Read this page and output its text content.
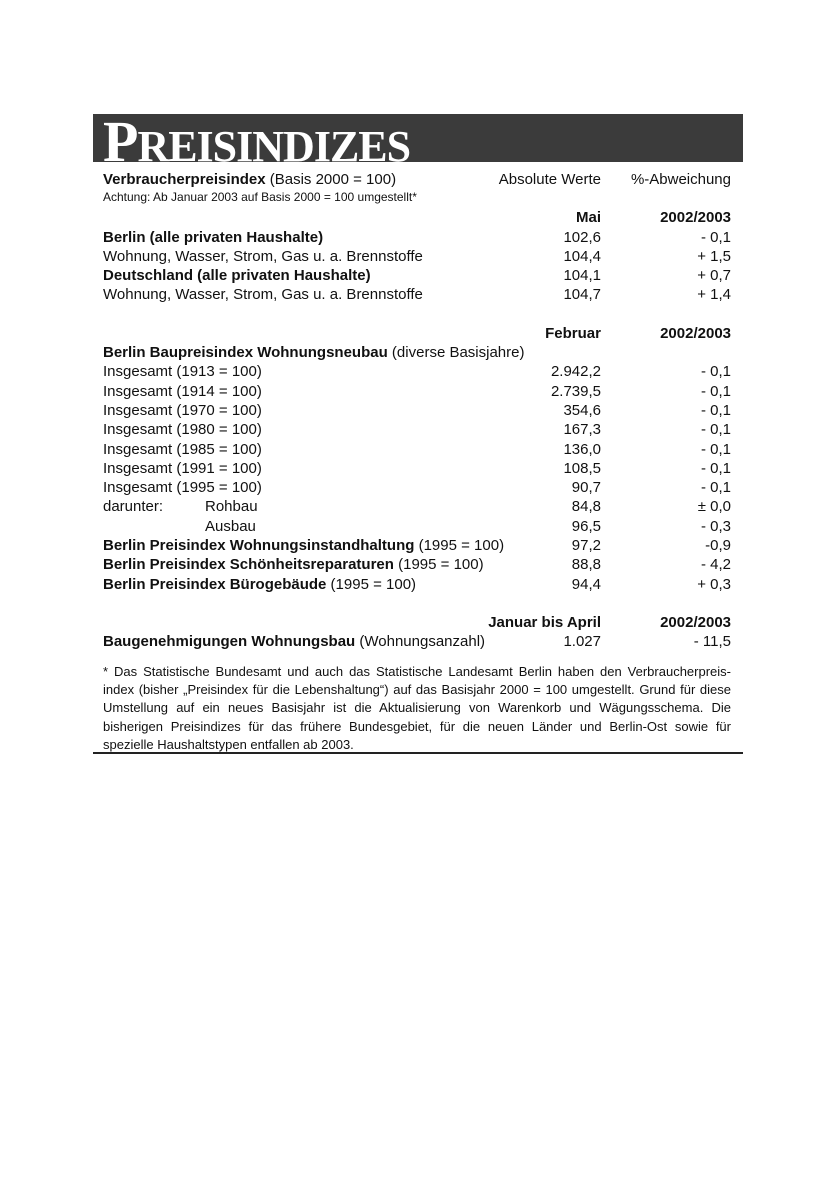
PREISINDIZES
Verbraucherpreisindex (Basis 2000 = 100)	Absolute Werte %-Abweichung
Achtung: Ab Januar 2003 auf Basis 2000 = 100 umgestellt*
Mai	2002/2003
Berlin (alle privaten Haushalte)	102,6	- 0,1
Wohnung, Wasser, Strom, Gas u. a. Brennstoffe	104,4	+ 1,5
Deutschland (alle privaten Haushalte)	104,1	+ 0,7
Wohnung, Wasser, Strom, Gas u. a. Brennstoffe	104,7	+ 1,4
Februar	2002/2003
Berlin Baupreisindex Wohnungsneubau (diverse Basisjahre)
Insgesamt (1913 = 100)	2.942,2	- 0,1
Insgesamt (1914 = 100)	2.739,5	- 0,1
Insgesamt (1970 = 100)	354,6	- 0,1
Insgesamt (1980 = 100)	167,3	- 0,1
Insgesamt (1985 = 100)	136,0	- 0,1
Insgesamt (1991 = 100)	108,5	- 0,1
Insgesamt (1995 = 100)	90,7	- 0,1
darunter:	Rohbau	84,8	± 0,0
Ausbau	96,5	- 0,3
Berlin Preisindex Wohnungsinstandhaltung (1995 = 100)	97,2	-0,9
Berlin Preisindex Schönheitsreparaturen (1995 = 100)	88,8	- 4,2
Berlin Preisindex Bürogebäude (1995 = 100)	94,4	+ 0,3
Januar bis April	2002/2003
Baugenehmigungen Wohnungsbau (Wohnungsanzahl)	1.027	- 11,5
* Das Statistische Bundesamt und auch das Statistische Landesamt Berlin haben den Verbraucherpreis-index (bisher „Preisindex für die Lebenshaltung“) auf das Basisjahr 2000 = 100 umgestellt. Grund für diese Umstellung auf ein neues Basisjahr ist die Aktualisierung von Warenkorb und Wägungsschema. Die bisherigen Preisindizes für das frühere Bundesgebiet, für die neuen Länder und Berlin-Ost sowie für spezielle Haushaltstypen entfallen ab 2003.
